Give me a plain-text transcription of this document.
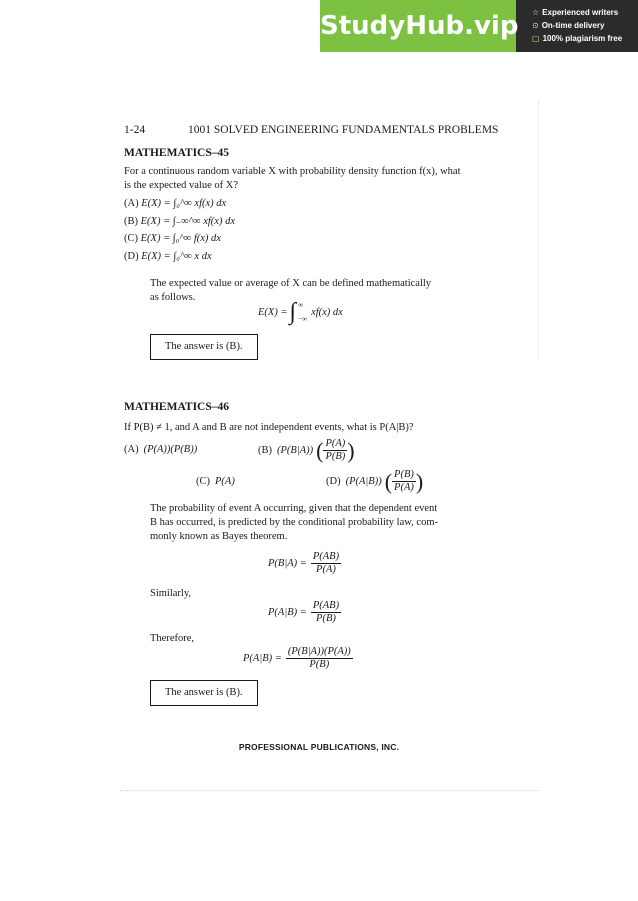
StudyHub.vip ☆ Experienced writers
⊙ On-time delivery
▢ 100% plagiarism free
1-24	1001 SOLVED ENGINEERING FUNDAMENTALS PROBLEMS
MATHEMATICS–45
For a continuous random variable X with probability density function f(x), what
is the expected value of X?
(A) E(X) = ∫₀^∞ xf(x) dx
(B) E(X) = ∫₋∞^∞ xf(x) dx
(C) E(X) = ∫₀^∞ f(x) dx
(D) E(X) = ∫₀^∞ x dx
The expected value or average of X can be defined mathematically
as follows.
E(X) = ∫ ∞
−∞
xf(x) dx
The answer is (B).
MATHEMATICS–46
If P(B) ≠ 1, and A and B are not independent events, what is P(A|B)?
(A) (P(A))(P(B))	(B) (P(B|A)) ( $\frac{P(A)}{P(B)}$ )
(C) P(A)	(D) (P(A|B)) ( $\frac{P(B)}{P(A)}$ )
The probability of event A occurring, given that the dependent event
B has occurred, is predicted by the conditional probability law, com-
monly known as Bayes theorem.
$P(B|A) = \frac{P(AB)}{P(A)}$
Similarly,
$P(A|B) = \frac{P(AB)}{P(B)}$
Therefore,
$P(A|B) = \frac{(P(B|A))(P(A))}{P(B)}$
The answer is (B).
PROFESSIONAL PUBLICATIONS, INC.
